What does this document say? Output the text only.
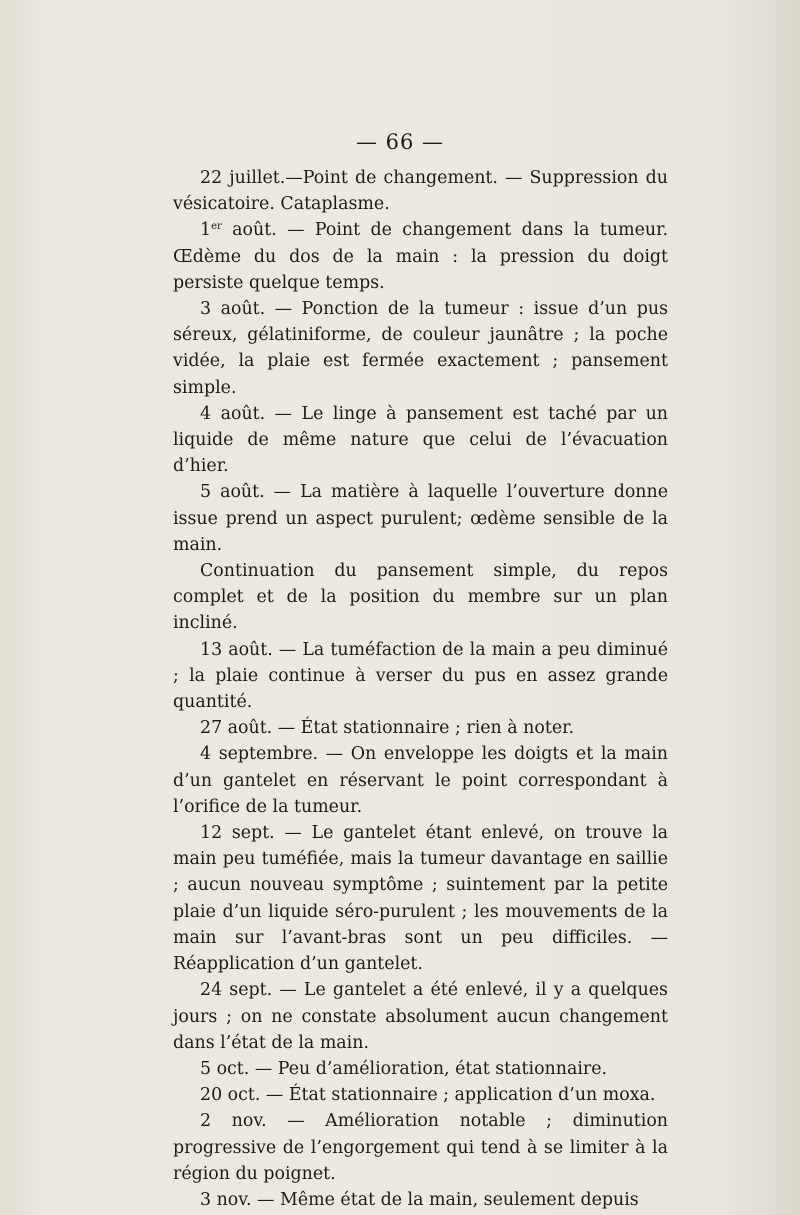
— 66 —

22 juillet.—Point de changement. — Suppression du vésicatoire. Cataplasme.

1er août. — Point de changement dans la tumeur. Œdème du dos de la main : la pression du doigt persiste quelque temps.

3 août. — Ponction de la tumeur : issue d’un pus séreux, gélatiniforme, de couleur jaunâtre ; la poche vidée, la plaie est fermée exactement ; pansement simple.

4 août. — Le linge à pansement est taché par un liquide de même nature que celui de l’évacuation d’hier.

5 août. — La matière à laquelle l’ouverture donne issue prend un aspect purulent; œdème sensible de la main.

Continuation du pansement simple, du repos complet et de la position du membre sur un plan incliné.

13 août. — La tuméfaction de la main a peu diminué ; la plaie continue à verser du pus en assez grande quantité.

27 août. — État stationnaire ; rien à noter.

4 septembre. — On enveloppe les doigts et la main d’un gantelet en réservant le point correspondant à l’orifice de la tumeur.

12 sept. — Le gantelet étant enlevé, on trouve la main peu tuméfiée, mais la tumeur davantage en saillie ; aucun nouveau symptôme ; suintement par la petite plaie d’un liquide séro-purulent ; les mouvements de la main sur l’avant-bras sont un peu difficiles. — Réapplication d’un gantelet.

24 sept. — Le gantelet a été enlevé, il y a quelques jours ; on ne constate absolument aucun changement dans l’état de la main.

5 oct. — Peu d’amélioration, état stationnaire.

20 oct. — État stationnaire ; application d’un moxa.

2 nov. — Amélioration notable ; diminution progressive de l’engorgement qui tend à se limiter à la région du poignet.

3 nov. — Même état de la main, seulement depuis
